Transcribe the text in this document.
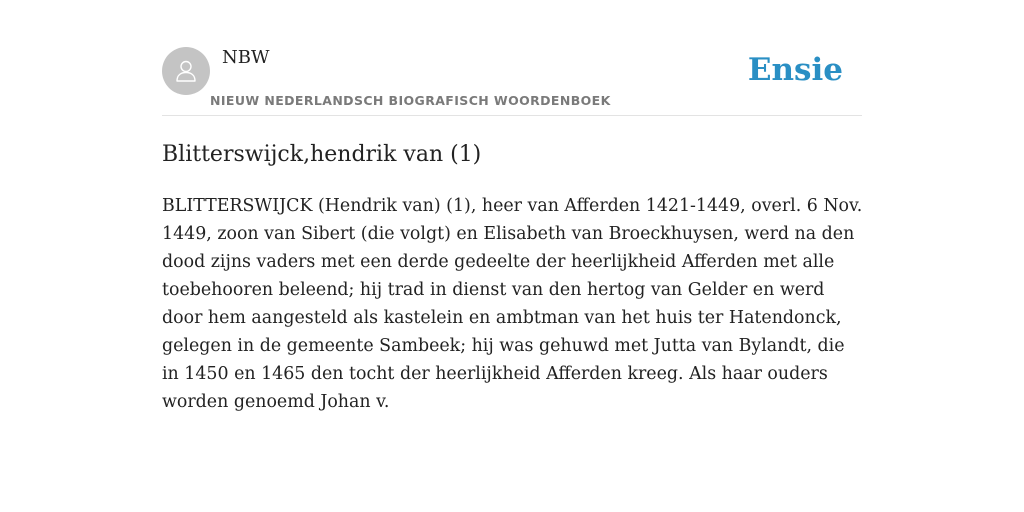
NBW
NIEUW NEDERLANDSCH BIOGRAFISCH WOORDENBOEK
Ensie
Blitterswijck,hendrik van (1)

BLITTERSWIJCK (Hendrik van) (1), heer van Afferden 1421-1449, overl. 6 Nov. 1449, zoon van Sibert (die volgt) en Elisabeth van Broeckhuysen, werd na den dood zijns vaders met een derde gedeelte der heerlijkheid Afferden met alle toebehooren beleend; hij trad in dienst van den hertog van Gelder en werd door hem aangesteld als kastelein en ambtman van het huis ter Hatendonck, gelegen in de gemeente Sambeek; hij was gehuwd met Jutta van Bylandt, die in 1450 en 1465 den tocht der heerlijkheid Afferden kreeg. Als haar ouders worden genoemd Johan v.
